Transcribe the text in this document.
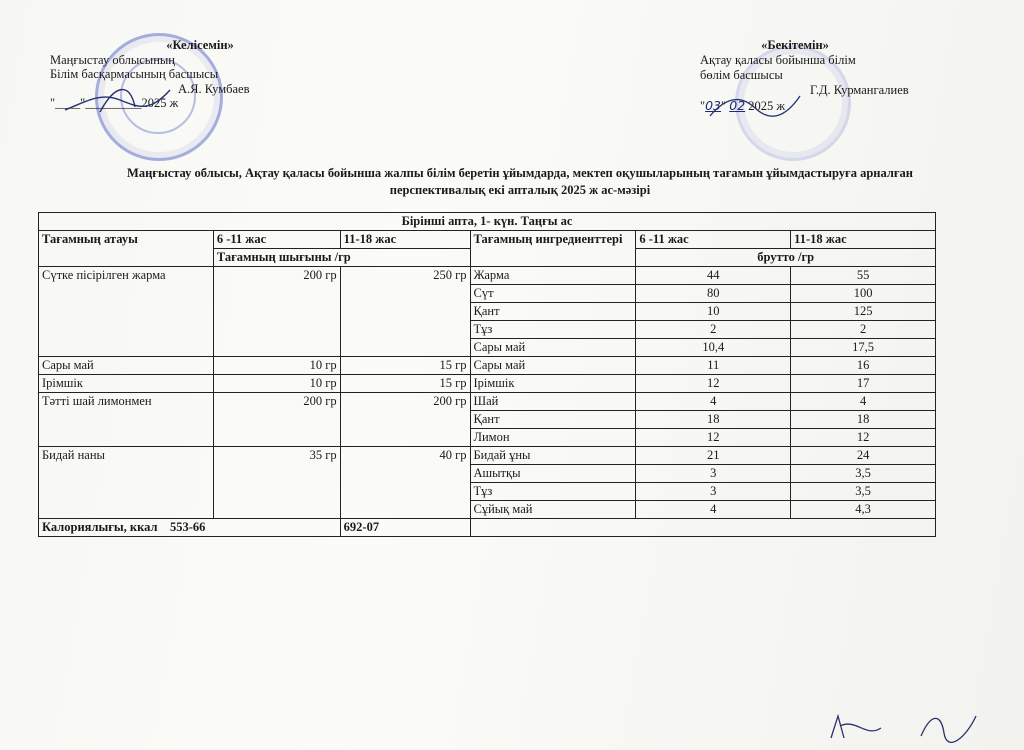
«Келісемін»
Маңғыстау облысының
Білім басқармасының басшысы
А.Я. Кумбаев
"____"_________2025 ж
«Бекітемін»
Ақтау қаласы бойынша білім
бөлім басшысы
Г.Д. Курмангалиев
"03" 02 2025 ж
Маңғыстау облысы, Ақтау қаласы бойынша жалпы білім беретін ұйымдарда, мектеп оқушыларының тағамын ұйымдастыруға арналған
перспективалық екі апталық 2025 ж ас-мәзірі
Бірінші апта, 1- күн. Таңғы ас					
Тағамның атауы	6 -11 жас	11-18 жас	Тағамның ингредиенттері	6 -11 жас	11-18 жас
	Тағамның шығыны /гр			брутто /гр	
Сүтке пісірілген жарма	200 гр	250 гр	Жарма	44	55
			Сүт	80	100
			Қант	10	125
			Тұз	2	2
			Сары май	10,4	17,5
Сары май	10 гр	15 гр	Сары май	11	16
Ірімшік	10 гр	15 гр	Ірімшік	12	17
Тәтті шай лимонмен	200 гр	200 гр	Шай	4	4
			Қант	18	18
			Лимон	12	12
Бидай наны	35 гр	40 гр	Бидай ұны	21	24
			Ашытқы	3	3,5
			Тұз	3	3,5
			Сұйық май	4	4,3
Калориялығы, ккал 553-66		692-07			
